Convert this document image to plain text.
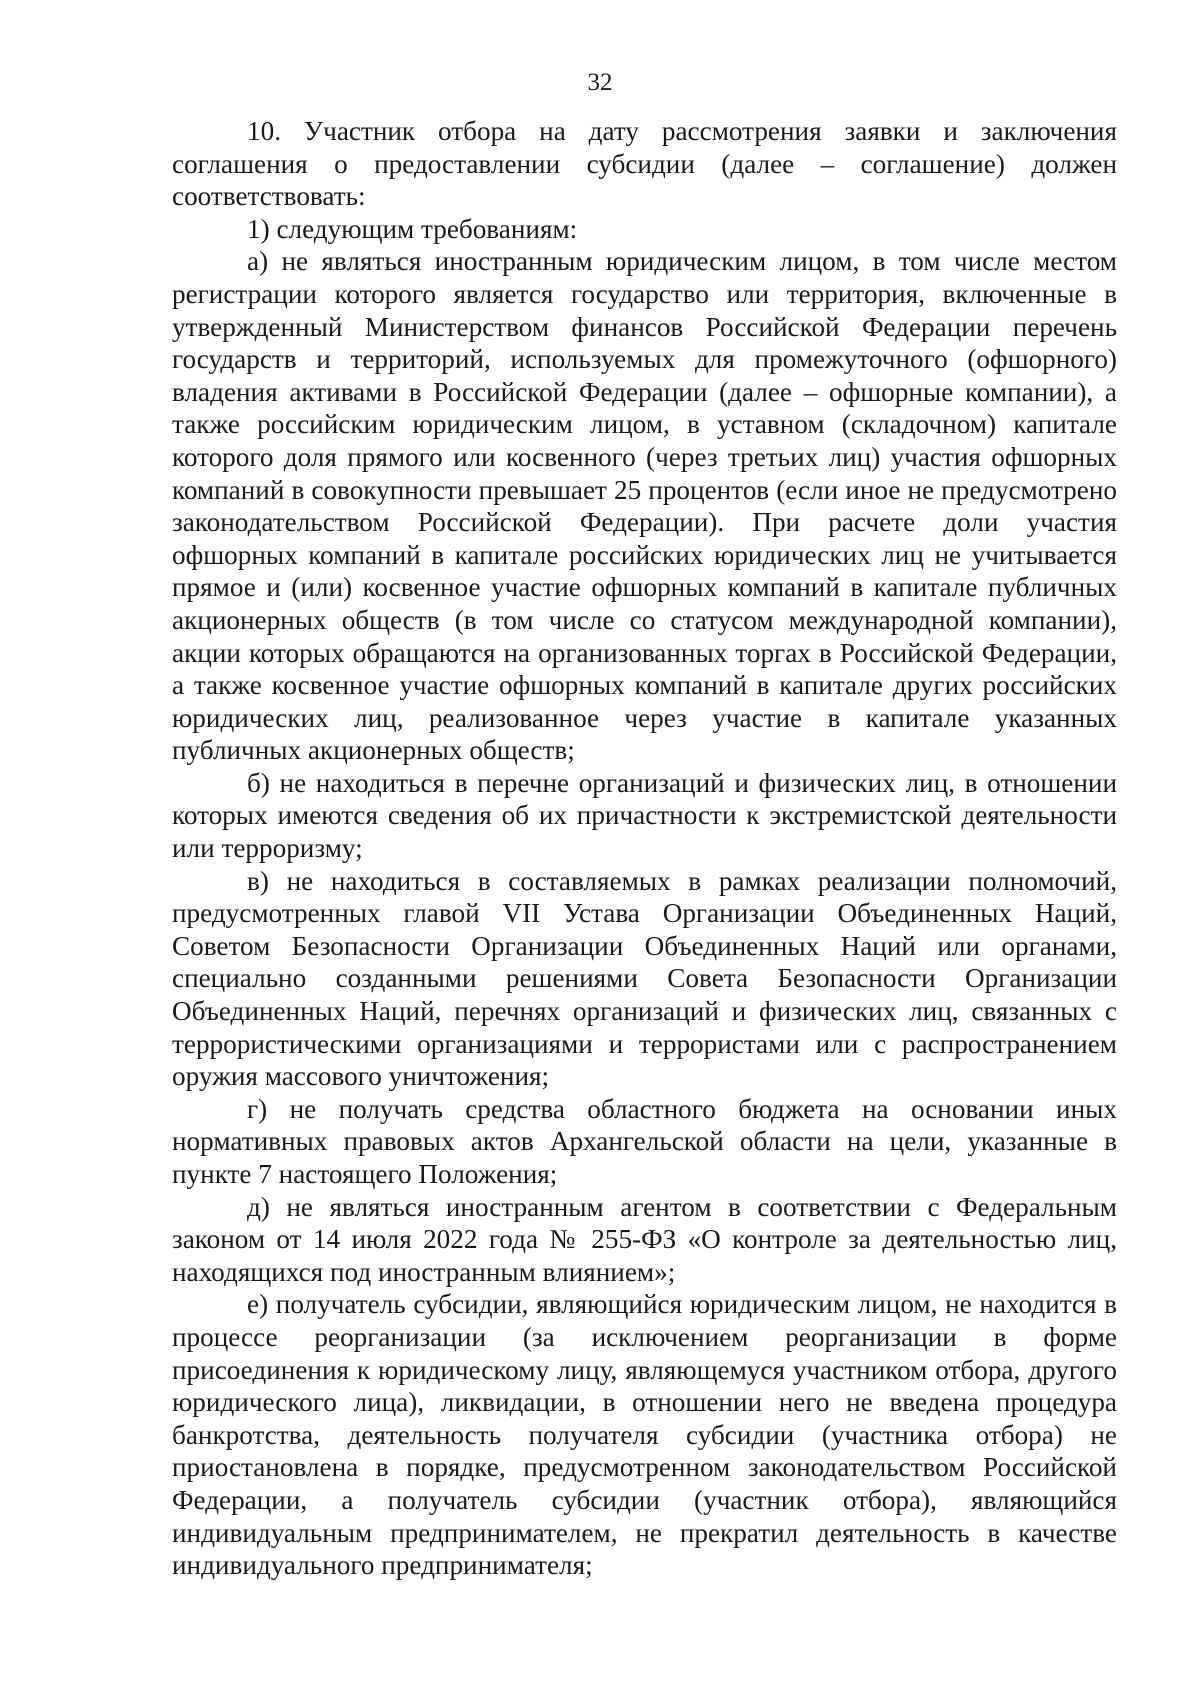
32

10. Участник отбора на дату рассмотрения заявки и заключения соглашения о предоставлении субсидии (далее – соглашение) должен соответствовать:

1) следующим требованиям:

а) не являться иностранным юридическим лицом, в том числе местом регистрации которого является государство или территория, включенные в утвержденный Министерством финансов Российской Федерации перечень государств и территорий, используемых для промежуточного (офшорного) владения активами в Российской Федерации (далее – офшорные компании), а также российским юридическим лицом, в уставном (складочном) капитале которого доля прямого или косвенного (через третьих лиц) участия офшорных компаний в совокупности превышает 25 процентов (если иное не предусмотрено законодательством Российской Федерации). При расчете доли участия офшорных компаний в капитале российских юридических лиц не учитывается прямое и (или) косвенное участие офшорных компаний в капитале публичных акционерных обществ (в том числе со статусом международной компании), акции которых обращаются на организованных торгах в Российской Федерации, а также косвенное участие офшорных компаний в капитале других российских юридических лиц, реализованное через участие в капитале указанных публичных акционерных обществ;

б) не находиться в перечне организаций и физических лиц, в отношении которых имеются сведения об их причастности к экстремистской деятельности или терроризму;

в) не находиться в составляемых в рамках реализации полномочий, предусмотренных главой VII Устава Организации Объединенных Наций, Советом Безопасности Организации Объединенных Наций или органами, специально созданными решениями Совета Безопасности Организации Объединенных Наций, перечнях организаций и физических лиц, связанных с террористическими организациями и террористами или с распространением оружия массового уничтожения;

г) не получать средства областного бюджета на основании иных нормативных правовых актов Архангельской области на цели, указанные в пункте 7 настоящего Положения;

д) не являться иностранным агентом в соответствии с Федеральным законом от 14 июля 2022 года № 255-ФЗ «О контроле за деятельностью лиц, находящихся под иностранным влиянием»;

е) получатель субсидии, являющийся юридическим лицом, не находится в процессе реорганизации (за исключением реорганизации в форме присоединения к юридическому лицу, являющемуся участником отбора, другого юридического лица), ликвидации, в отношении него не введена процедура банкротства, деятельность получателя субсидии (участника отбора) не приостановлена в порядке, предусмотренном законодательством Российской Федерации, а получатель субсидии (участник отбора), являющийся индивидуальным предпринимателем, не прекратил деятельность в качестве индивидуального предпринимателя;
